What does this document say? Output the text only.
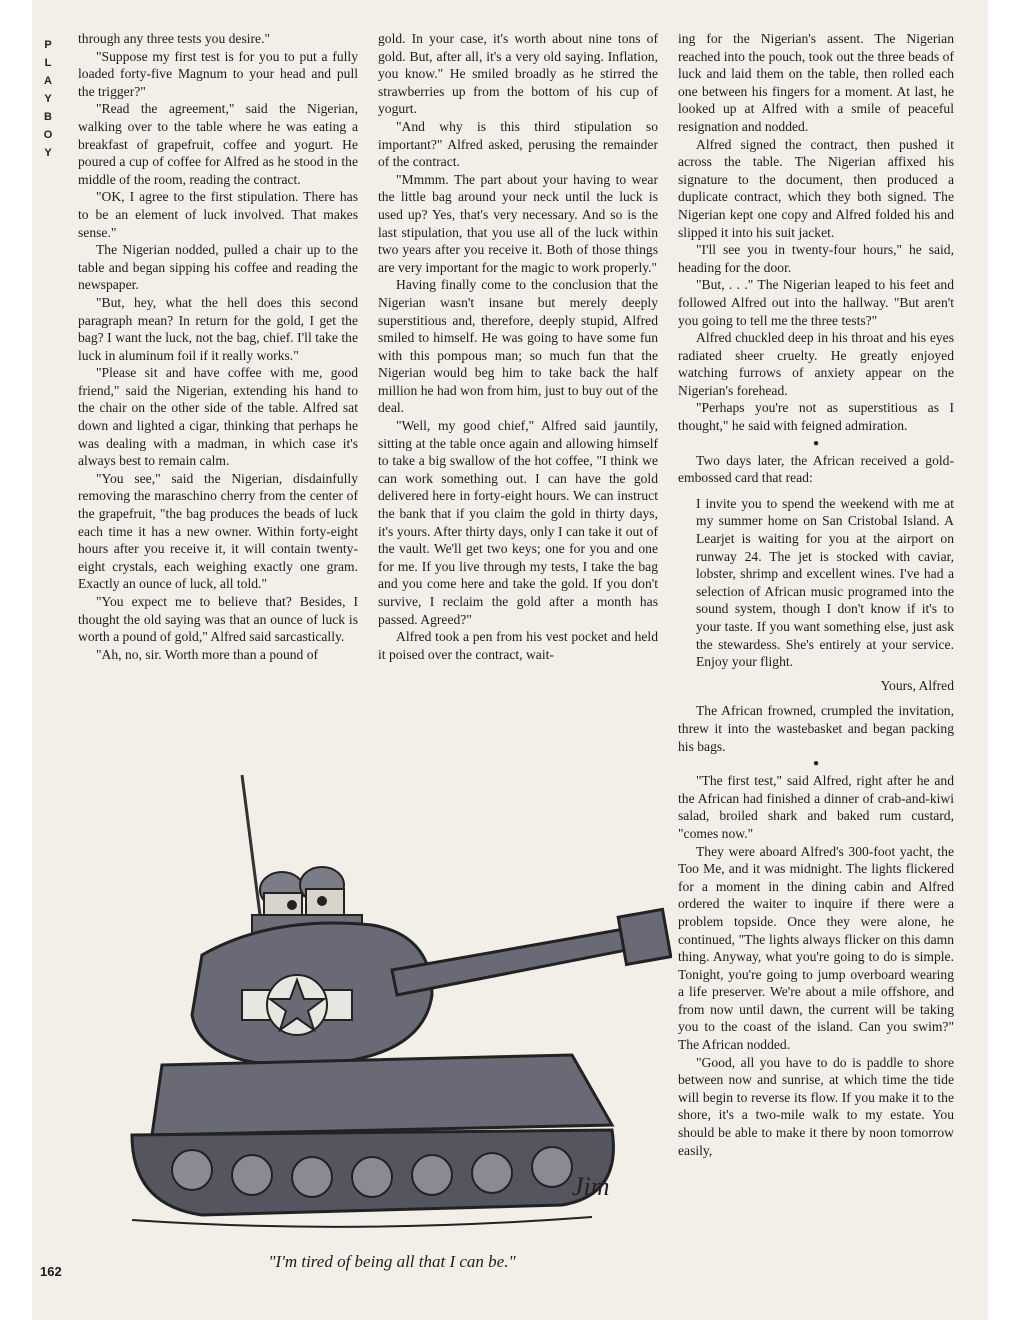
P
L
A
Y
B
O
Y

through any three tests you desire."

"Suppose my first test is for you to put a fully loaded forty-five Magnum to your head and pull the trigger?"

"Read the agreement," said the Nigerian, walking over to the table where he was eating a breakfast of grapefruit, coffee and yogurt. He poured a cup of coffee for Alfred as he stood in the middle of the room, reading the contract.

"OK, I agree to the first stipulation. There has to be an element of luck involved. That makes sense."

The Nigerian nodded, pulled a chair up to the table and began sipping his coffee and reading the newspaper.

"But, hey, what the hell does this second paragraph mean? In return for the gold, I get the bag? I want the luck, not the bag, chief. I'll take the luck in aluminum foil if it really works."

"Please sit and have coffee with me, good friend," said the Nigerian, extending his hand to the chair on the other side of the table. Alfred sat down and lighted a cigar, thinking that perhaps he was dealing with a madman, in which case it's always best to remain calm.

"You see," said the Nigerian, disdainfully removing the maraschino cherry from the center of the grapefruit, "the bag produces the beads of luck each time it has a new owner. Within forty-eight hours after you receive it, it will contain twenty-eight crystals, each weighing exactly one gram. Exactly an ounce of luck, all told."

"You expect me to believe that? Besides, I thought the old saying was that an ounce of luck is worth a pound of gold," Alfred said sarcastically.

"Ah, no, sir. Worth more than a pound of

gold. In your case, it's worth about nine tons of gold. But, after all, it's a very old saying. Inflation, you know." He smiled broadly as he stirred the strawberries up from the bottom of his cup of yogurt.

"And why is this third stipulation so important?" Alfred asked, perusing the remainder of the contract.

"Mmmm. The part about your having to wear the little bag around your neck until the luck is used up? Yes, that's very necessary. And so is the last stipulation, that you use all of the luck within two years after you receive it. Both of those things are very important for the magic to work properly."

Having finally come to the conclusion that the Nigerian wasn't insane but merely deeply superstitious and, therefore, deeply stupid, Alfred smiled to himself. He was going to have some fun with this pompous man; so much fun that the Nigerian would beg him to take back the half million he had won from him, just to buy out of the deal.

"Well, my good chief," Alfred said jauntily, sitting at the table once again and allowing himself to take a big swallow of the hot coffee, "I think we can work something out. I can have the gold delivered here in forty-eight hours. We can instruct the bank that if you claim the gold in thirty days, it's yours. After thirty days, only I can take it out of the vault. We'll get two keys; one for you and one for me. If you live through my tests, I take the bag and you come here and take the gold. If you don't survive, I reclaim the gold after a month has passed. Agreed?"

Alfred took a pen from his vest pocket and held it poised over the contract, wait-

ing for the Nigerian's assent. The Nigerian reached into the pouch, took out the three beads of luck and laid them on the table, then rolled each one between his fingers for a moment. At last, he looked up at Alfred with a smile of peaceful resignation and nodded.

Alfred signed the contract, then pushed it across the table. The Nigerian affixed his signature to the document, then produced a duplicate contract, which they both signed. The Nigerian kept one copy and Alfred folded his and slipped it into his suit jacket.

"I'll see you in twenty-four hours," he said, heading for the door.

"But, . . ." The Nigerian leaped to his feet and followed Alfred out into the hallway. "But aren't you going to tell me the three tests?"

Alfred chuckled deep in his throat and his eyes radiated sheer cruelty. He greatly enjoyed watching furrows of anxiety appear on the Nigerian's forehead.

"Perhaps you're not as superstitious as I thought," he said with feigned admiration.

●

Two days later, the African received a gold-embossed card that read:

I invite you to spend the weekend with me at my summer home on San Cristobal Island. A Learjet is waiting for you at the airport on runway 24. The jet is stocked with caviar, lobster, shrimp and excellent wines. I've had a selection of African music programed into the sound system, though I don't know if it's to your taste. If you want something else, just ask the stewardess. She's entirely at your service. Enjoy your flight.

Yours, Alfred

The African frowned, crumpled the invitation, threw it into the wastebasket and began packing his bags.

●

"The first test," said Alfred, right after he and the African had finished a dinner of crab-and-kiwi salad, broiled shark and baked rum custard, "comes now."

They were aboard Alfred's 300-foot yacht, the Too Me, and it was midnight. The lights flickered for a moment in the dining cabin and Alfred ordered the waiter to inquire if there were a problem topside. Once they were alone, he continued, "The lights always flicker on this damn thing. Anyway, what you're going to do is simple. Tonight, you're going to jump overboard wearing a life preserver. We're about a mile offshore, and from now until dawn, the current will be taking you to the coast of the island. Can you swim?" The African nodded.

"Good, all you have to do is paddle to shore between now and sunrise, at which time the tide will begin to reverse its flow. If you make it to the shore, it's a two-mile walk to my estate. You should be able to make it there by noon tomorrow easily,

Jim
"I'm tired of being all that I can be."
162
